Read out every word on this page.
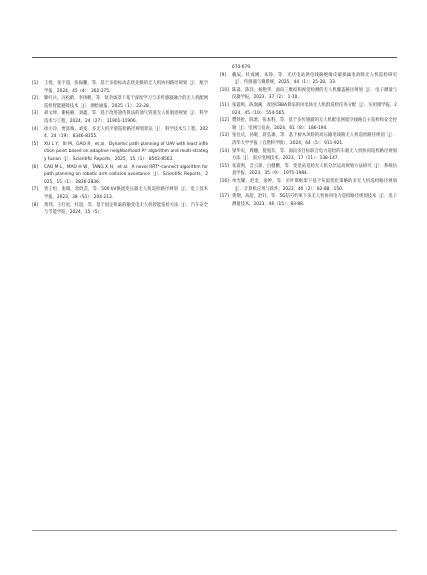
[1] 王悦，张宇超，张振鹏，等．基于多指标动态优先级的无人机协同路径规划［J］．航空学报，2024，45（4）：262-275.
[2] 滕红兵，冯松龄，李扬帆，等．复杂场景下基于深度学习与多传感器融合的无人机配网巡检智能避障技术［J］．测绘通报，2025（1）：22-28.
[3] 胡文坤，谢栋楠，刘鑫，等．基于改进遗传算法的油气管道无人机航迹规划［J］．科学技术与工程，2024，24（27）：11901-11906.
[4] 徐小玲，贾真梅，刘宽．多无人机平滑巡检路径规划算法［J］．科学技术与工程，2024，24（19）：8346-8355.
[5] XU L Y，XI M，GAO R，et al．Dynamic path planning of UAV with least inflection point based on adaptive neighborhood A* algorithm and multi-strategy fusion［J］．Scientific Reports，2025，15（1）：8563-8563.
[6] CAO M L，MAO H W，TANG X H，et al．A novel RRT*-connect algorithm for path planning on robotic arm collision avoidance［J］．Scientific Reports，2025，15（1）：2836-2836.
[7] 曾子恒，张微，余欣芸，等．500 kV换流变压器无人机巡检路径规划［J］．电工技术学报，2023，38（S1）：204-213.
[8] 黄邦，王红星，杜超，等．基于固定机巢的输变电无人机智能巡检方法［J］．汽车安全与节能学报，2024，15（5）：
670-679.
[9] 戴辰，杜成刚，朱铮，等．光伏电站供电线路绝缘皮破损属电故障无人机巡检研究［J］．传感器与微系统，2025，44（1）：25-28，33.
[10] 陈淼，陈洋，杨艳华．面向三维结构视觉检测的无人机覆盖路径规划［J］．电子测量与仪器学报，2023，37（2）：1-10.
[11] 张震鸣，陈润溪．改进CBBA算法的风电场无人机群巡检任务分配［J］．实用微学报，2024，45（10）：554-565.
[12] 樊铁伦，陈蕾，张本科，等．基于多传感器的无人机配电网架空线路自主巡检和安全控制［J］．电网与仪表，2024，61（8）：186-194.
[13] 张往庆，孙妮，蒋弘瑜，等．基于树木风险的高压输电线路无人机巡检路径规划［J］．清华大学学报（自然科学版），2024，64（5）：911-921.
[14] 梁华史，周穗，倪旭东，等．面向多目标联合电力巡检的车载无人机协同巡检路径规划方法［J］．南方电网技术，2023，17（11）：138-147.
[15] 张震鸣，音云铮，白健鹏，等．变电站巡检无人机分层运动规划方法研究［J］．系统仿真学报，2023，35（9）：1975-1984.
[16] 单光耀，赵金，徐婷，等．贝叶斯框架下基于灰狼优化策略的多无人机巡检路径规划［J］．计算机应用与软件，2023，40（2）：82-88，150.
[17] 黄翔，高超，赵轩，等．5G信号约束下多无人机协同电力巡检路径规划技术［J］．电子测量技术，2023，46（15）：83-88.
